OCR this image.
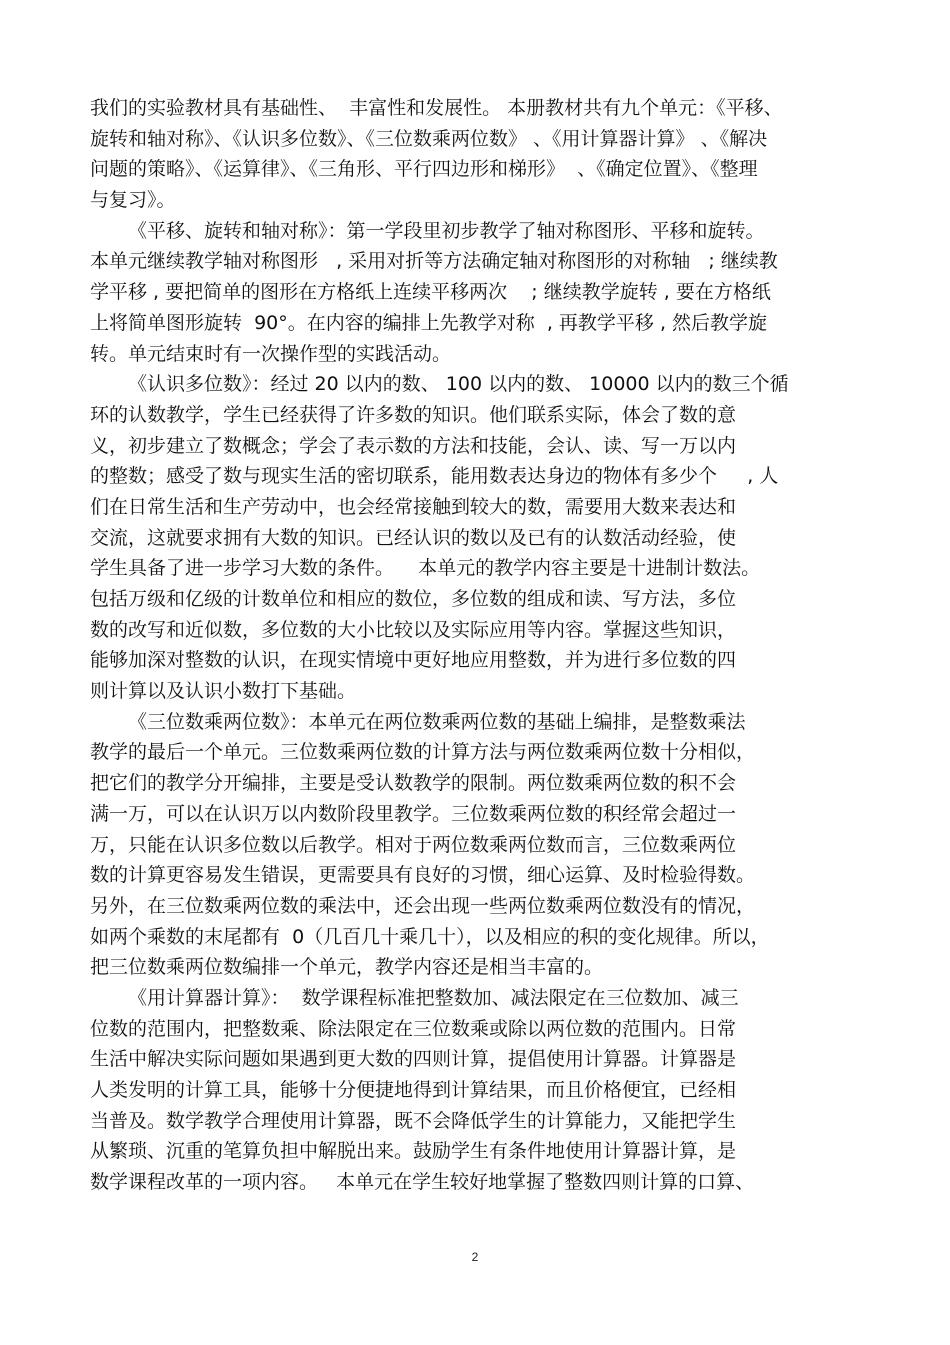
我们的实验教材具有基础性、  丰富性和发展性。 本册教材共有九个单元：《平移、
旋转和轴对称》、《认识多位数》、《三位数乘两位数》 、《用计算器计算》 、《解决
问题的策略》、《运算律》、《三角形、平行四边形和梯形》  、《确定位置》、《整理
与复习》。
《平移、旋转和轴对称》：第一学段里初步教学了轴对称图形、平移和旋转。
本单元继续教学轴对称图形   , 采用对折等方法确定轴对称图形的对称轴   ; 继续教
学平移 , 要把简单的图形在方格纸上连续平移两次    ; 继续教学旋转 , 要在方格纸
上将简单图形旋转  90°。在内容的编排上先教学对称  , 再教学平移 , 然后教学旋
转。单元结束时有一次操作型的实践活动。
《认识多位数》：经过 20 以内的数、 100 以内的数、 10000 以内的数三个循
环的认数教学，学生已经获得了许多数的知识。他们联系实际，体会了数的意
义，初步建立了数概念；学会了表示数的方法和技能，会认、读、写一万以内
的整数；感受了数与现实生活的密切联系，能用数表达身边的物体有多少个     , 人
们在日常生活和生产劳动中，也会经常接触到较大的数，需要用大数来表达和
交流，这就要求拥有大数的知识。已经认识的数以及已有的认数活动经验，使
学生具备了进一步学习大数的条件。    本单元的教学内容主要是十进制计数法。
包括万级和亿级的计数单位和相应的数位，多位数的组成和读、写方法，多位
数的改写和近似数，多位数的大小比较以及实际应用等内容。掌握这些知识，
能够加深对整数的认识，在现实情境中更好地应用整数，并为进行多位数的四
则计算以及认识小数打下基础。
《三位数乘两位数》：本单元在两位数乘两位数的基础上编排，是整数乘法
教学的最后一个单元。三位数乘两位数的计算方法与两位数乘两位数十分相似，
把它们的教学分开编排，主要是受认数教学的限制。两位数乘两位数的积不会
满一万，可以在认识万以内数阶段里教学。三位数乘两位数的积经常会超过一
万，只能在认识多位数以后教学。相对于两位数乘两位数而言，三位数乘两位
数的计算更容易发生错误，更需要具有良好的习惯，细心运算、及时检验得数。
另外，在三位数乘两位数的乘法中，还会出现一些两位数乘两位数没有的情况，
如两个乘数的末尾都有  0（几百几十乘几十），以及相应的积的变化规律。所以，
把三位数乘两位数编排一个单元，教学内容还是相当丰富的。
《用计算器计算》：  数学课程标准把整数加、减法限定在三位数加、减三
位数的范围内，把整数乘、除法限定在三位数乘或除以两位数的范围内。日常
生活中解决实际问题如果遇到更大数的四则计算，提倡使用计算器。计算器是
人类发明的计算工具，能够十分便捷地得到计算结果，而且价格便宜，已经相
当普及。数学教学合理使用计算器，既不会降低学生的计算能力，又能把学生
从繁琐、沉重的笔算负担中解脱出来。鼓励学生有条件地使用计算器计算，是
数学课程改革的一项内容。   本单元在学生较好地掌握了整数四则计算的口算、
2
